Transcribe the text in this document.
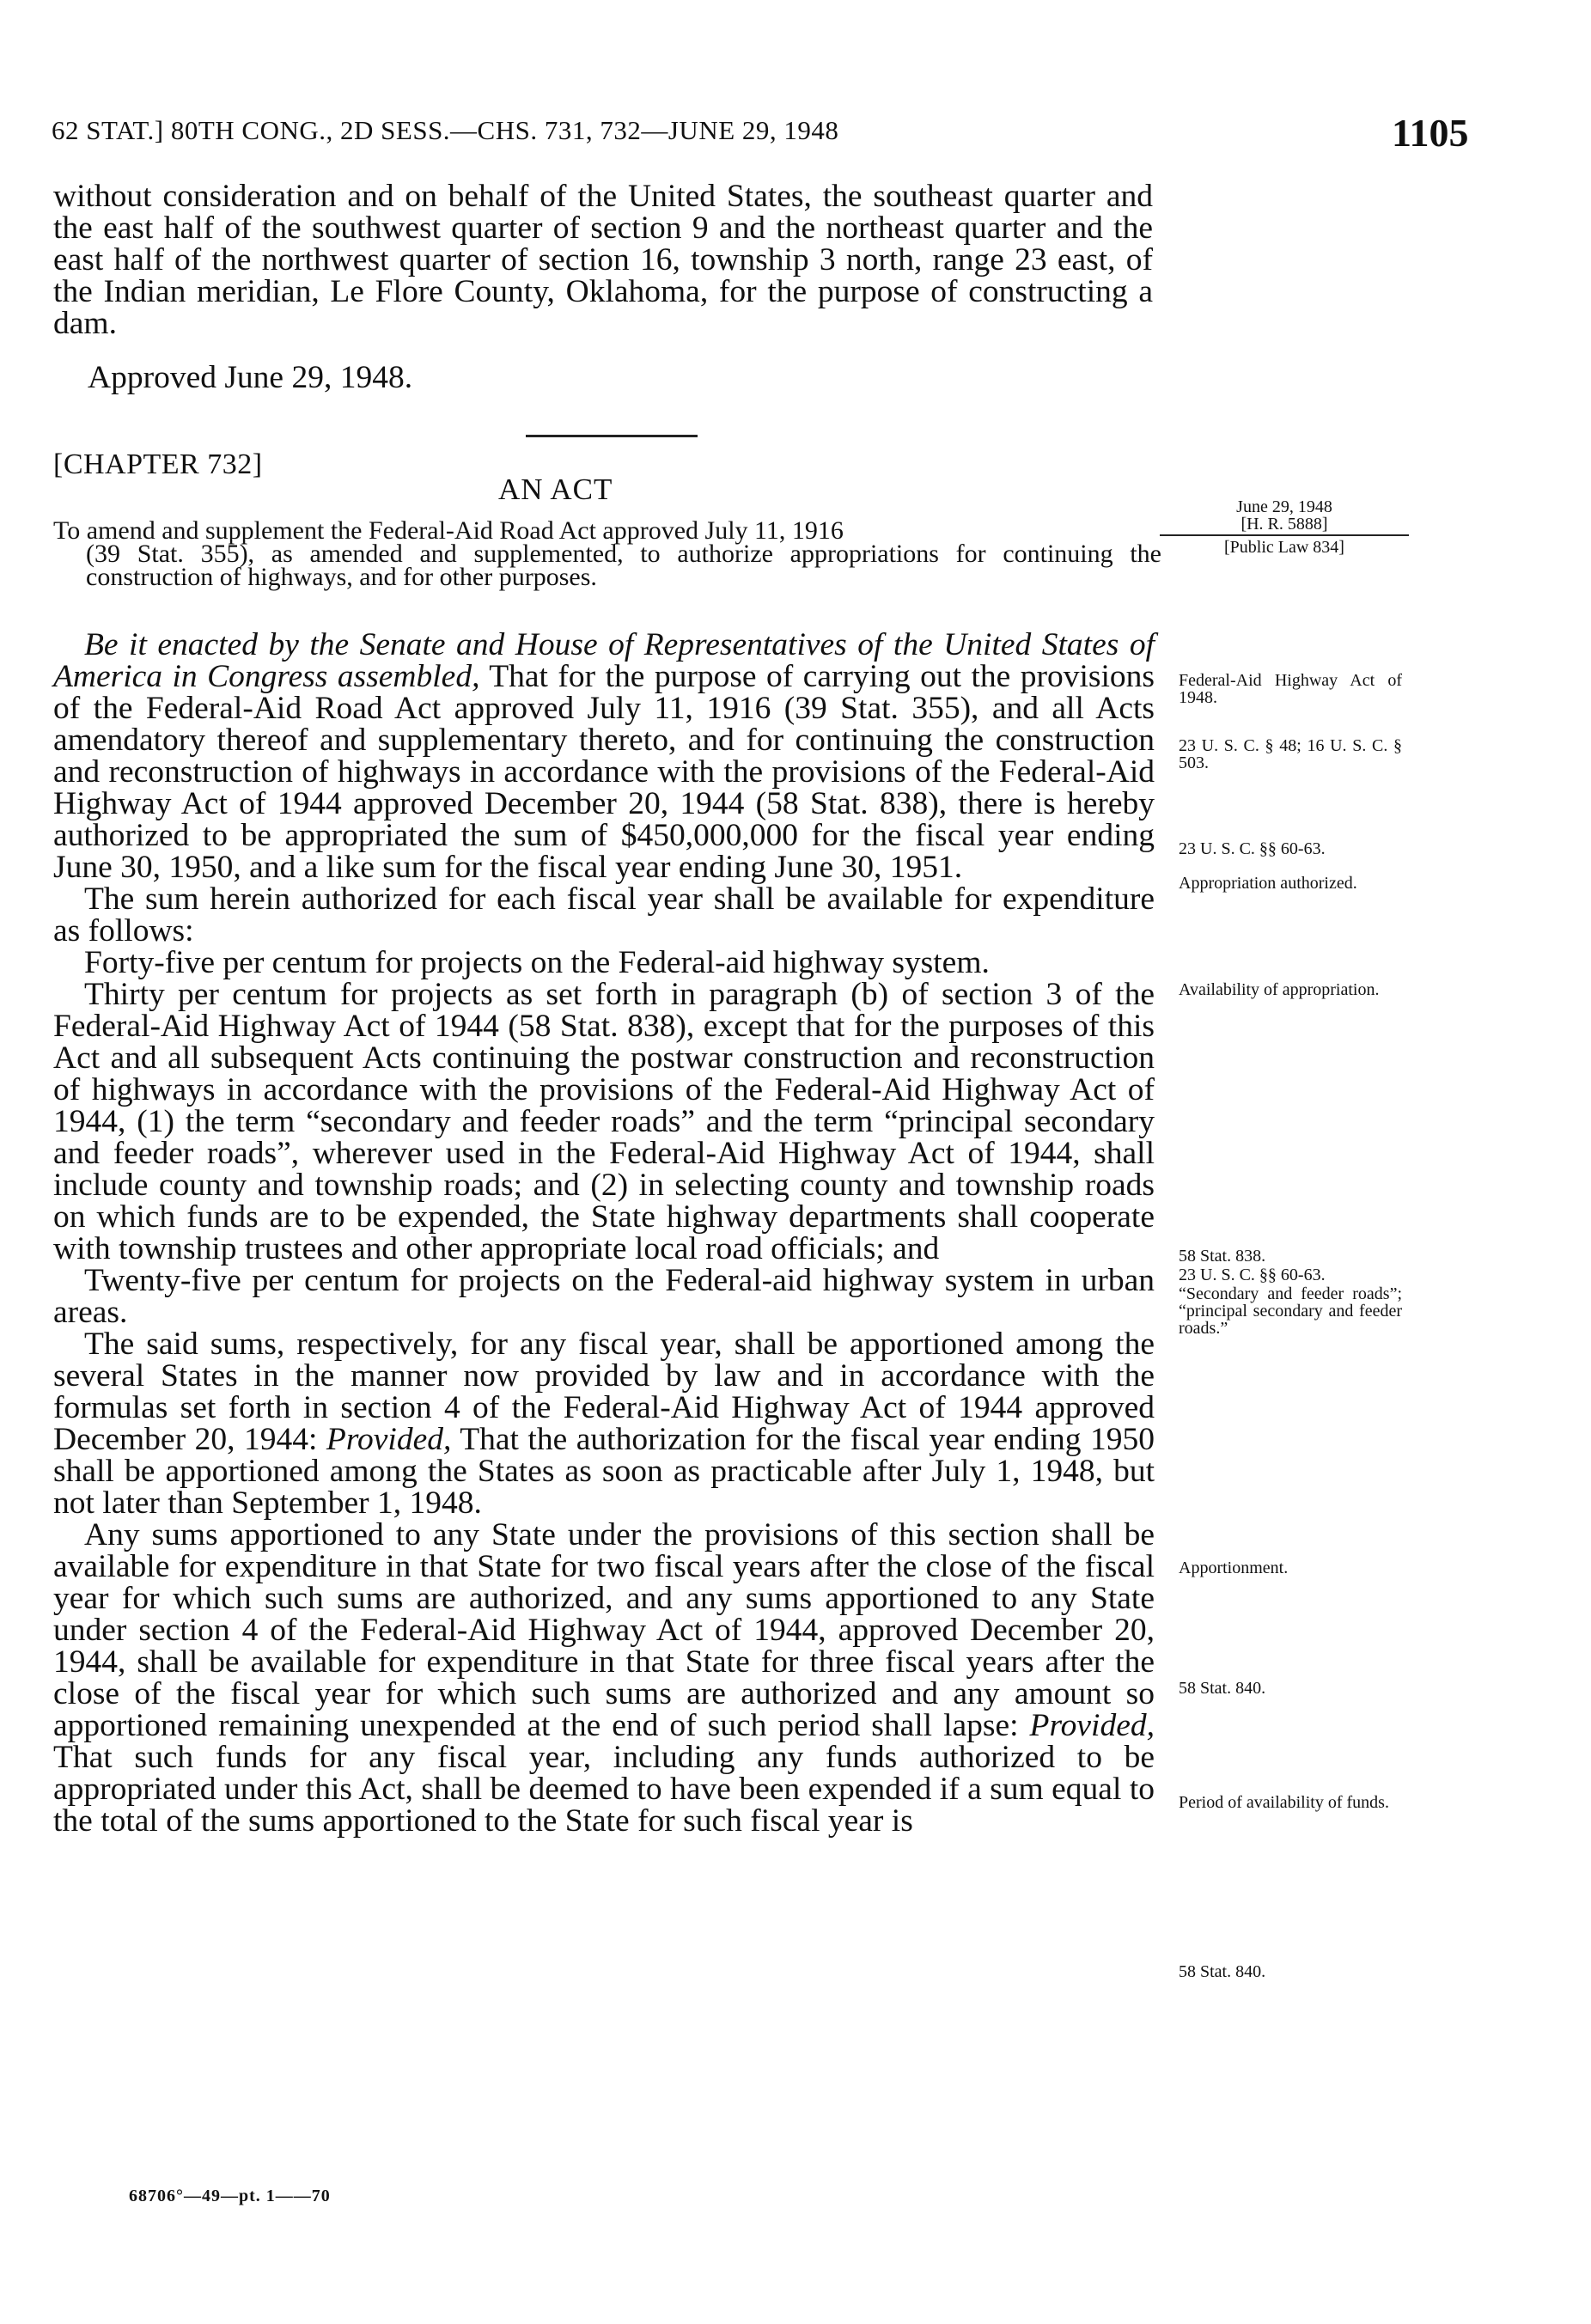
62 STAT.] 80TH CONG., 2D SESS.—CHS. 731, 732—JUNE 29, 1948	1105

without consideration and on behalf of the United States, the southeast quarter and the east half of the southwest quarter of section 9 and the northeast quarter and the east half of the northwest quarter of section 16, township 3 north, range 23 east, of the Indian meridian, Le Flore County, Oklahoma, for the purpose of constructing a dam.

Approved June 29, 1948.

[CHAPTER 732]

AN ACT

To amend and supplement the Federal-Aid Road Act approved July 11, 1916

(39 Stat. 355), as amended and supplemented, to authorize appropriations for continuing the construction of highways, and for other purposes.

June 29, 1948
[H. R. 5888]
[Public Law 834]

Be it enacted by the Senate and House of Representatives of the United States of America in Congress assembled, That for the purpose of carrying out the provisions of the Federal-Aid Road Act approved July 11, 1916 (39 Stat. 355), and all Acts amendatory thereof and supplementary thereto, and for continuing the construction and reconstruction of highways in accordance with the provisions of the Federal-Aid Highway Act of 1944 approved December 20, 1944 (58 Stat. 838), there is hereby authorized to be appropriated the sum of $450,000,000 for the fiscal year ending June 30, 1950, and a like sum for the fiscal year ending June 30, 1951.

The sum herein authorized for each fiscal year shall be available for expenditure as follows:

Forty-five per centum for projects on the Federal-aid highway system.

Thirty per centum for projects as set forth in paragraph (b) of section 3 of the Federal-Aid Highway Act of 1944 (58 Stat. 838), except that for the purposes of this Act and all subsequent Acts continuing the postwar construction and reconstruction of highways in accordance with the provisions of the Federal-Aid Highway Act of 1944, (1) the term “secondary and feeder roads” and the term “principal secondary and feeder roads”, wherever used in the Federal-Aid Highway Act of 1944, shall include county and township roads; and (2) in selecting county and township roads on which funds are to be expended, the State highway departments shall cooperate with township trustees and other appropriate local road officials; and

Twenty-five per centum for projects on the Federal-aid highway system in urban areas.

The said sums, respectively, for any fiscal year, shall be apportioned among the several States in the manner now provided by law and in accordance with the formulas set forth in section 4 of the Federal-Aid Highway Act of 1944 approved December 20, 1944: Provided, That the authorization for the fiscal year ending 1950 shall be apportioned among the States as soon as practicable after July 1, 1948, but not later than September 1, 1948.

Any sums apportioned to any State under the provisions of this section shall be available for expenditure in that State for two fiscal years after the close of the fiscal year for which such sums are authorized, and any sums apportioned to any State under section 4 of the Federal-Aid Highway Act of 1944, approved December 20, 1944, shall be available for expenditure in that State for three fiscal years after the close of the fiscal year for which such sums are authorized and any amount so apportioned remaining unexpended at the end of such period shall lapse: Provided, That such funds for any fiscal year, including any funds authorized to be appropriated under this Act, shall be deemed to have been expended if a sum equal to the total of the sums apportioned to the State for such fiscal year is

Federal-Aid Highway Act of 1948.
23 U. S. C. § 48; 16 U. S. C. § 503.
23 U. S. C. §§ 60-63.
Appropriation authorized.
Availability of appropriation.
58 Stat. 838.
23 U. S. C. §§ 60-63.
“Secondary and feeder roads”; “principal secondary and feeder roads.”
Apportionment.
58 Stat. 840.
Period of availability of funds.
58 Stat. 840.
68706°—49—pt. 1——70
